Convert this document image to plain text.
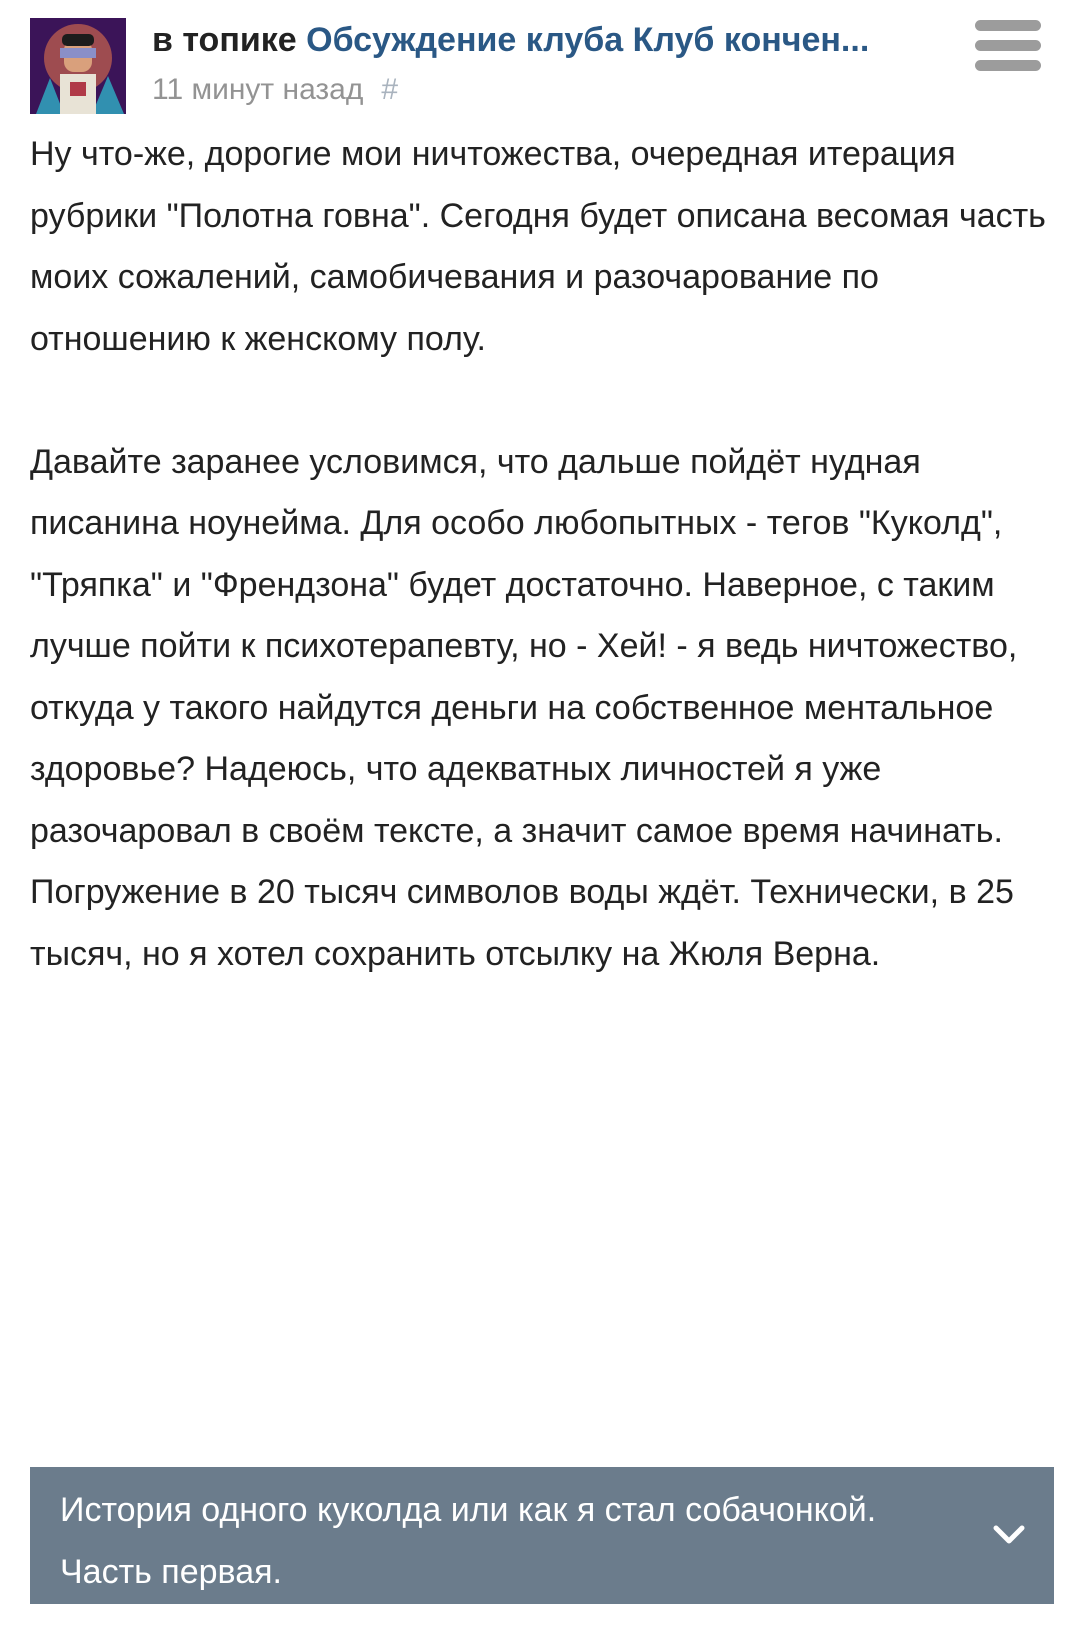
в топике Обсуждение клуба Клуб кончен...
11 минут назад #

Ну что-же, дорогие мои ничтожества, очередная итерация рубрики "Полотна говна". Сегодня будет описана весомая часть моих сожалений, самобичевания и разочарование по отношению к женскому полу.

Давайте заранее условимся, что дальше пойдёт нудная писанина ноунейма. Для особо любопытных - тегов "Куколд", "Тряпка" и "Френдзона" будет достаточно. Наверное, с таким лучше пойти к психотерапевту, но - Хей! - я ведь ничтожество, откуда у такого найдутся деньги на собственное ментальное здоровье? Надеюсь, что адекватных личностей я уже разочаровал в своём тексте, а значит самое время начинать. Погружение в 20 тысяч символов воды ждёт. Технически, в 25 тысяч, но я хотел сохранить отсылку на Жюля Верна.

История одного куколда или как я стал собачонкой. Часть первая.
